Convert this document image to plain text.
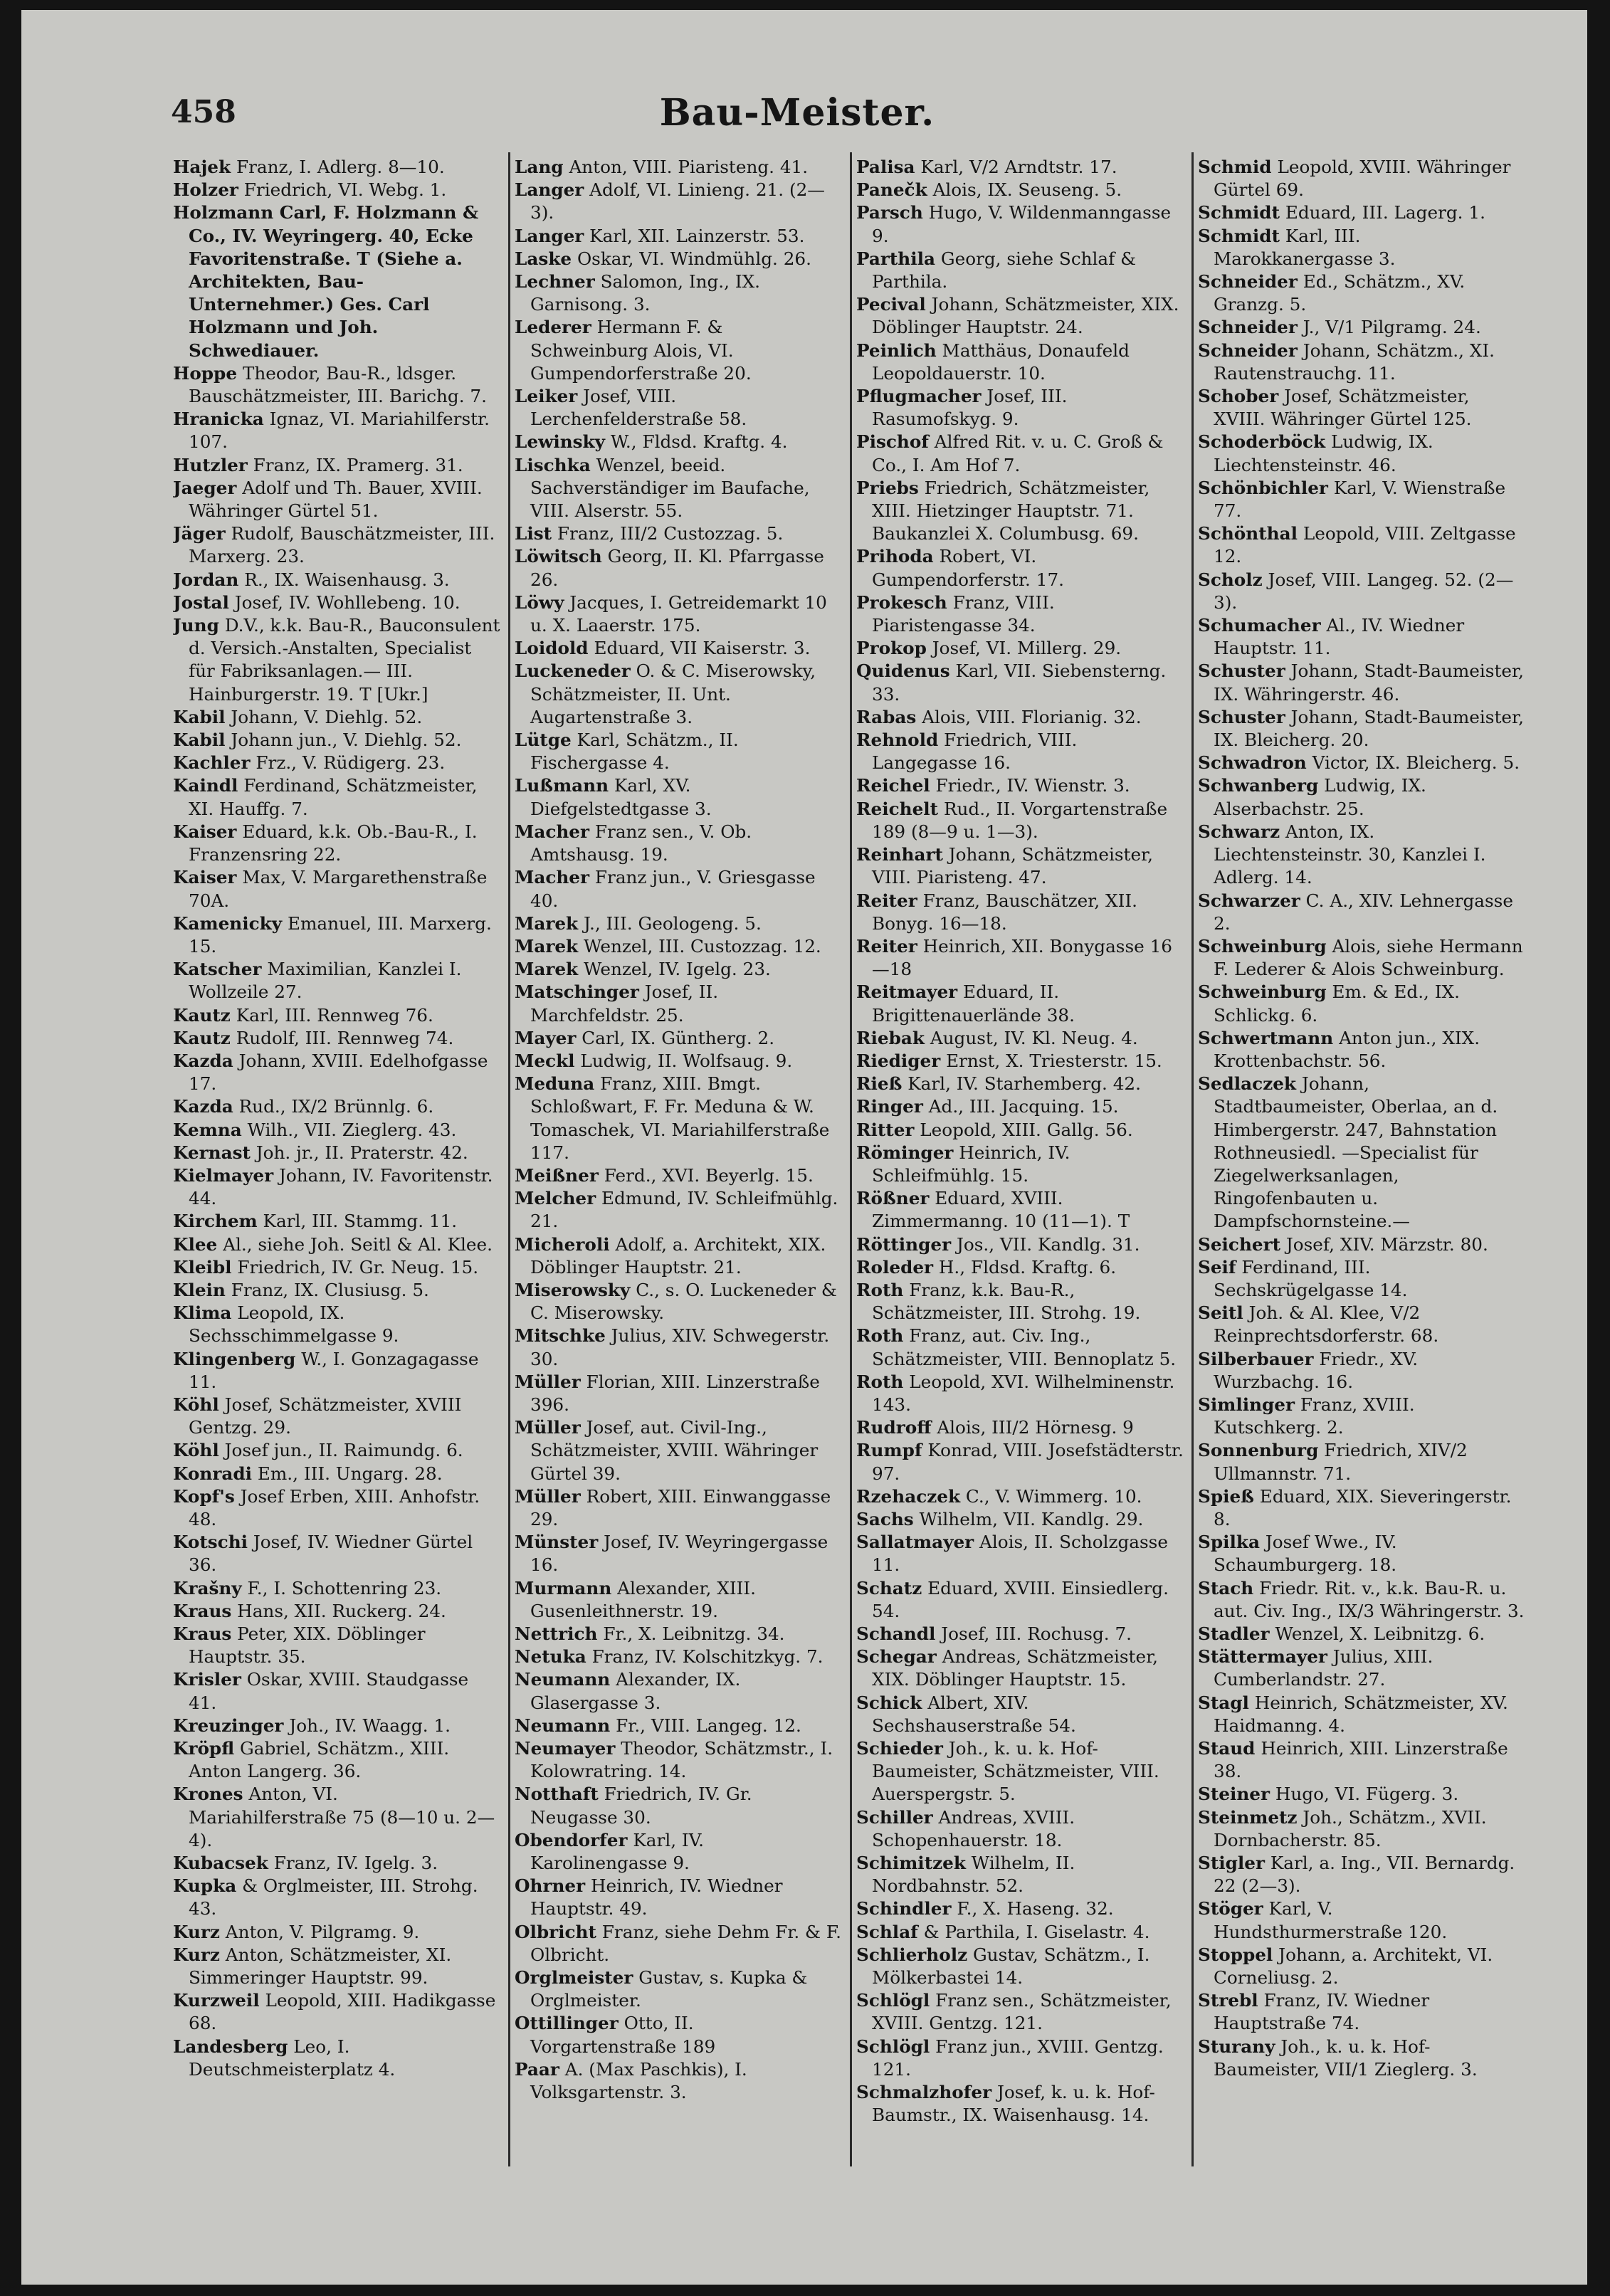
458	Bau-Meister.

Hajek Franz, I. Adlerg. 8—10.

Holzer Friedrich, VI. Webg. 1.

Holzmann Carl, F. Holzmann & Co., IV. Weyringerg. 40, Ecke Favoritenstraße. T (Siehe a. Architekten, Bau-Unternehmer.) Ges. Carl Holzmann und Joh. Schwediauer.

Hoppe Theodor, Bau-R., ldsger. Bauschätzmeister, III. Barichg. 7.

Hranicka Ignaz, VI. Mariahilferstr. 107.

Hutzler Franz, IX. Pramerg. 31.

Jaeger Adolf und Th. Bauer, XVIII. Währinger Gürtel 51.

Jäger Rudolf, Bauschätzmeister, III. Marxerg. 23.

Jordan R., IX. Waisenhausg. 3.

Jostal Josef, IV. Wohllebeng. 10.

Jung D.V., k.k. Bau-R., Bauconsulent d. Versich.-Anstalten, Specialist für Fabriksanlagen.— III. Hainburgerstr. 19. T [Ukr.]

Kabil Johann, V. Diehlg. 52.

Kabil Johann jun., V. Diehlg. 52.

Kachler Frz., V. Rüdigerg. 23.

Kaindl Ferdinand, Schätzmeister, XI. Hauffg. 7.

Kaiser Eduard, k.k. Ob.-Bau-R., I. Franzensring 22.

Kaiser Max, V. Margarethenstraße 70A.

Kamenicky Emanuel, III. Marxerg. 15.

Katscher Maximilian, Kanzlei I. Wollzeile 27.

Kautz Karl, III. Rennweg 76.

Kautz Rudolf, III. Rennweg 74.

Kazda Johann, XVIII. Edelhofgasse 17.

Kazda Rud., IX/2 Brünnlg. 6.

Kemna Wilh., VII. Zieglerg. 43.

Kernast Joh. jr., II. Praterstr. 42.

Kielmayer Johann, IV. Favoritenstr. 44.

Kirchem Karl, III. Stammg. 11.

Klee Al., siehe Joh. Seitl & Al. Klee.

Kleibl Friedrich, IV. Gr. Neug. 15.

Klein Franz, IX. Clusiusg. 5.

Klima Leopold, IX. Sechsschimmelgasse 9.

Klingenberg W., I. Gonzagagasse 11.

Köhl Josef, Schätzmeister, XVIII Gentzg. 29.

Köhl Josef jun., II. Raimundg. 6.

Konradi Em., III. Ungarg. 28.

Kopf's Josef Erben, XIII. Anhofstr. 48.

Kotschi Josef, IV. Wiedner Gürtel 36.

Krašny F., I. Schottenring 23.

Kraus Hans, XII. Ruckerg. 24.

Kraus Peter, XIX. Döblinger Hauptstr. 35.

Krisler Oskar, XVIII. Staudgasse 41.

Kreuzinger Joh., IV. Waagg. 1.

Kröpfl Gabriel, Schätzm., XIII. Anton Langerg. 36.

Krones Anton, VI. Mariahilferstraße 75 (8—10 u. 2—4).

Kubacsek Franz, IV. Igelg. 3.

Kupka & Orglmeister, III. Strohg. 43.

Kurz Anton, V. Pilgramg. 9.

Kurz Anton, Schätzmeister, XI. Simmeringer Hauptstr. 99.

Kurzweil Leopold, XIII. Hadikgasse 68.

Landesberg Leo, I. Deutschmeisterplatz 4.

Lang Anton, VIII. Piaristeng. 41.

Langer Adolf, VI. Linieng. 21. (2—3).

Langer Karl, XII. Lainzerstr. 53.

Laske Oskar, VI. Windmühlg. 26.

Lechner Salomon, Ing., IX. Garnisong. 3.

Lederer Hermann F. & Schweinburg Alois, VI. Gumpendorferstraße 20.

Leiker Josef, VIII. Lerchenfelderstraße 58.

Lewinsky W., Fldsd. Kraftg. 4.

Lischka Wenzel, beeid. Sachverständiger im Baufache, VIII. Alserstr. 55.

List Franz, III/2 Custozzag. 5.

Löwitsch Georg, II. Kl. Pfarrgasse 26.

Löwy Jacques, I. Getreidemarkt 10 u. X. Laaerstr. 175.

Loidold Eduard, VII Kaiserstr. 3.

Luckeneder O. & C. Miserowsky, Schätzmeister, II. Unt. Augartenstraße 3.

Lütge Karl, Schätzm., II. Fischergasse 4.

Lußmann Karl, XV. Diefgelstedtgasse 3.

Macher Franz sen., V. Ob. Amtshausg. 19.

Macher Franz jun., V. Griesgasse 40.

Marek J., III. Geologeng. 5.

Marek Wenzel, III. Custozzag. 12.

Marek Wenzel, IV. Igelg. 23.

Matschinger Josef, II. Marchfeldstr. 25.

Mayer Carl, IX. Güntherg. 2.

Meckl Ludwig, II. Wolfsaug. 9.

Meduna Franz, XIII. Bmgt. Schloßwart, F. Fr. Meduna & W. Tomaschek, VI. Mariahilferstraße 117.

Meißner Ferd., XVI. Beyerlg. 15.

Melcher Edmund, IV. Schleifmühlg. 21.

Micheroli Adolf, a. Architekt, XIX. Döblinger Hauptstr. 21.

Miserowsky C., s. O. Luckeneder & C. Miserowsky.

Mitschke Julius, XIV. Schwegerstr. 30.

Müller Florian, XIII. Linzerstraße 396.

Müller Josef, aut. Civil-Ing., Schätzmeister, XVIII. Währinger Gürtel 39.

Müller Robert, XIII. Einwanggasse 29.

Münster Josef, IV. Weyringergasse 16.

Murmann Alexander, XIII. Gusenleithnerstr. 19.

Nettrich Fr., X. Leibnitzg. 34.

Netuka Franz, IV. Kolschitzkyg. 7.

Neumann Alexander, IX. Glasergasse 3.

Neumann Fr., VIII. Langeg. 12.

Neumayer Theodor, Schätzmstr., I. Kolowratring. 14.

Notthaft Friedrich, IV. Gr. Neugasse 30.

Obendorfer Karl, IV. Karolinengasse 9.

Ohrner Heinrich, IV. Wiedner Hauptstr. 49.

Olbricht Franz, siehe Dehm Fr. & F. Olbricht.

Orglmeister Gustav, s. Kupka & Orglmeister.

Ottillinger Otto, II. Vorgartenstraße 189

Paar A. (Max Paschkis), I. Volksgartenstr. 3.

Palisa Karl, V/2 Arndtstr. 17.

Panečk Alois, IX. Seuseng. 5.

Parsch Hugo, V. Wildenmanngasse 9.

Parthila Georg, siehe Schlaf & Parthila.

Pecival Johann, Schätzmeister, XIX. Döblinger Hauptstr. 24.

Peinlich Matthäus, Donaufeld Leopoldauerstr. 10.

Pflugmacher Josef, III. Rasumofskyg. 9.

Pischof Alfred Rit. v. u. C. Groß & Co., I. Am Hof 7.

Priebs Friedrich, Schätzmeister, XIII. Hietzinger Hauptstr. 71. Baukanzlei X. Columbusg. 69.

Prihoda Robert, VI. Gumpendorferstr. 17.

Prokesch Franz, VIII. Piaristengasse 34.

Prokop Josef, VI. Millerg. 29.

Quidenus Karl, VII. Siebensterng. 33.

Rabas Alois, VIII. Florianig. 32.

Rehnold Friedrich, VIII. Langegasse 16.

Reichel Friedr., IV. Wienstr. 3.

Reichelt Rud., II. Vorgartenstraße 189 (8—9 u. 1—3).

Reinhart Johann, Schätzmeister, VIII. Piaristeng. 47.

Reiter Franz, Bauschätzer, XII. Bonyg. 16—18.

Reiter Heinrich, XII. Bonygasse 16—18

Reitmayer Eduard, II. Brigittenauerlände 38.

Riebak August, IV. Kl. Neug. 4.

Riediger Ernst, X. Triesterstr. 15.

Rieß Karl, IV. Starhemberg. 42.

Ringer Ad., III. Jacquing. 15.

Ritter Leopold, XIII. Gallg. 56.

Röminger Heinrich, IV. Schleifmühlg. 15.

Rößner Eduard, XVIII. Zimmermanng. 10 (11—1). T

Röttinger Jos., VII. Kandlg. 31.

Roleder H., Fldsd. Kraftg. 6.

Roth Franz, k.k. Bau-R., Schätzmeister, III. Strohg. 19.

Roth Franz, aut. Civ. Ing., Schätzmeister, VIII. Bennoplatz 5.

Roth Leopold, XVI. Wilhelminenstr. 143.

Rudroff Alois, III/2 Hörnesg. 9

Rumpf Konrad, VIII. Josefstädterstr. 97.

Rzehaczek C., V. Wimmerg. 10.

Sachs Wilhelm, VII. Kandlg. 29.

Sallatmayer Alois, II. Scholzgasse 11.

Schatz Eduard, XVIII. Einsiedlerg. 54.

Schandl Josef, III. Rochusg. 7.

Schegar Andreas, Schätzmeister, XIX. Döblinger Hauptstr. 15.

Schick Albert, XIV. Sechshauserstraße 54.

Schieder Joh., k. u. k. Hof-Baumeister, Schätzmeister, VIII. Auerspergstr. 5.

Schiller Andreas, XVIII. Schopenhauerstr. 18.

Schimitzek Wilhelm, II. Nordbahnstr. 52.

Schindler F., X. Haseng. 32.

Schlaf & Parthila, I. Giselastr. 4.

Schlierholz Gustav, Schätzm., I. Mölkerbastei 14.

Schlögl Franz sen., Schätzmeister, XVIII. Gentzg. 121.

Schlögl Franz jun., XVIII. Gentzg. 121.

Schmalzhofer Josef, k. u. k. Hof-Baumstr., IX. Waisenhausg. 14.

Schmid Leopold, XVIII. Währinger Gürtel 69.

Schmidt Eduard, III. Lagerg. 1.

Schmidt Karl, III. Marokkanergasse 3.

Schneider Ed., Schätzm., XV. Granzg. 5.

Schneider J., V/1 Pilgramg. 24.

Schneider Johann, Schätzm., XI. Rautenstrauchg. 11.

Schober Josef, Schätzmeister, XVIII. Währinger Gürtel 125.

Schoderböck Ludwig, IX. Liechtensteinstr. 46.

Schönbichler Karl, V. Wienstraße 77.

Schönthal Leopold, VIII. Zeltgasse 12.

Scholz Josef, VIII. Langeg. 52. (2—3).

Schumacher Al., IV. Wiedner Hauptstr. 11.

Schuster Johann, Stadt-Baumeister, IX. Währingerstr. 46.

Schuster Johann, Stadt-Baumeister, IX. Bleicherg. 20.

Schwadron Victor, IX. Bleicherg. 5.

Schwanberg Ludwig, IX. Alserbachstr. 25.

Schwarz Anton, IX. Liechtensteinstr. 30, Kanzlei I. Adlerg. 14.

Schwarzer C. A., XIV. Lehnergasse 2.

Schweinburg Alois, siehe Hermann F. Lederer & Alois Schweinburg.

Schweinburg Em. & Ed., IX. Schlickg. 6.

Schwertmann Anton jun., XIX. Krottenbachstr. 56.

Sedlaczek Johann, Stadtbaumeister, Oberlaa, an d. Himbergerstr. 247, Bahnstation Rothneusiedl. —Specialist für Ziegelwerksanlagen, Ringofenbauten u. Dampfschornsteine.—

Seichert Josef, XIV. Märzstr. 80.

Seif Ferdinand, III. Sechskrügelgasse 14.

Seitl Joh. & Al. Klee, V/2 Reinprechtsdorferstr. 68.

Silberbauer Friedr., XV. Wurzbachg. 16.

Simlinger Franz, XVIII. Kutschkerg. 2.

Sonnenburg Friedrich, XIV/2 Ullmannstr. 71.

Spieß Eduard, XIX. Sieveringerstr. 8.

Spilka Josef Wwe., IV. Schaumburgerg. 18.

Stach Friedr. Rit. v., k.k. Bau-R. u. aut. Civ. Ing., IX/3 Währingerstr. 3.

Stadler Wenzel, X. Leibnitzg. 6.

Stättermayer Julius, XIII. Cumberlandstr. 27.

Stagl Heinrich, Schätzmeister, XV. Haidmanng. 4.

Staud Heinrich, XIII. Linzerstraße 38.

Steiner Hugo, VI. Fügerg. 3.

Steinmetz Joh., Schätzm., XVII. Dornbacherstr. 85.

Stigler Karl, a. Ing., VII. Bernardg. 22 (2—3).

Stöger Karl, V. Hundsthurmerstraße 120.

Stoppel Johann, a. Architekt, VI. Corneliusg. 2.

Strebl Franz, IV. Wiedner Hauptstraße 74.

Sturany Joh., k. u. k. Hof-Baumeister, VII/1 Zieglerg. 3.
